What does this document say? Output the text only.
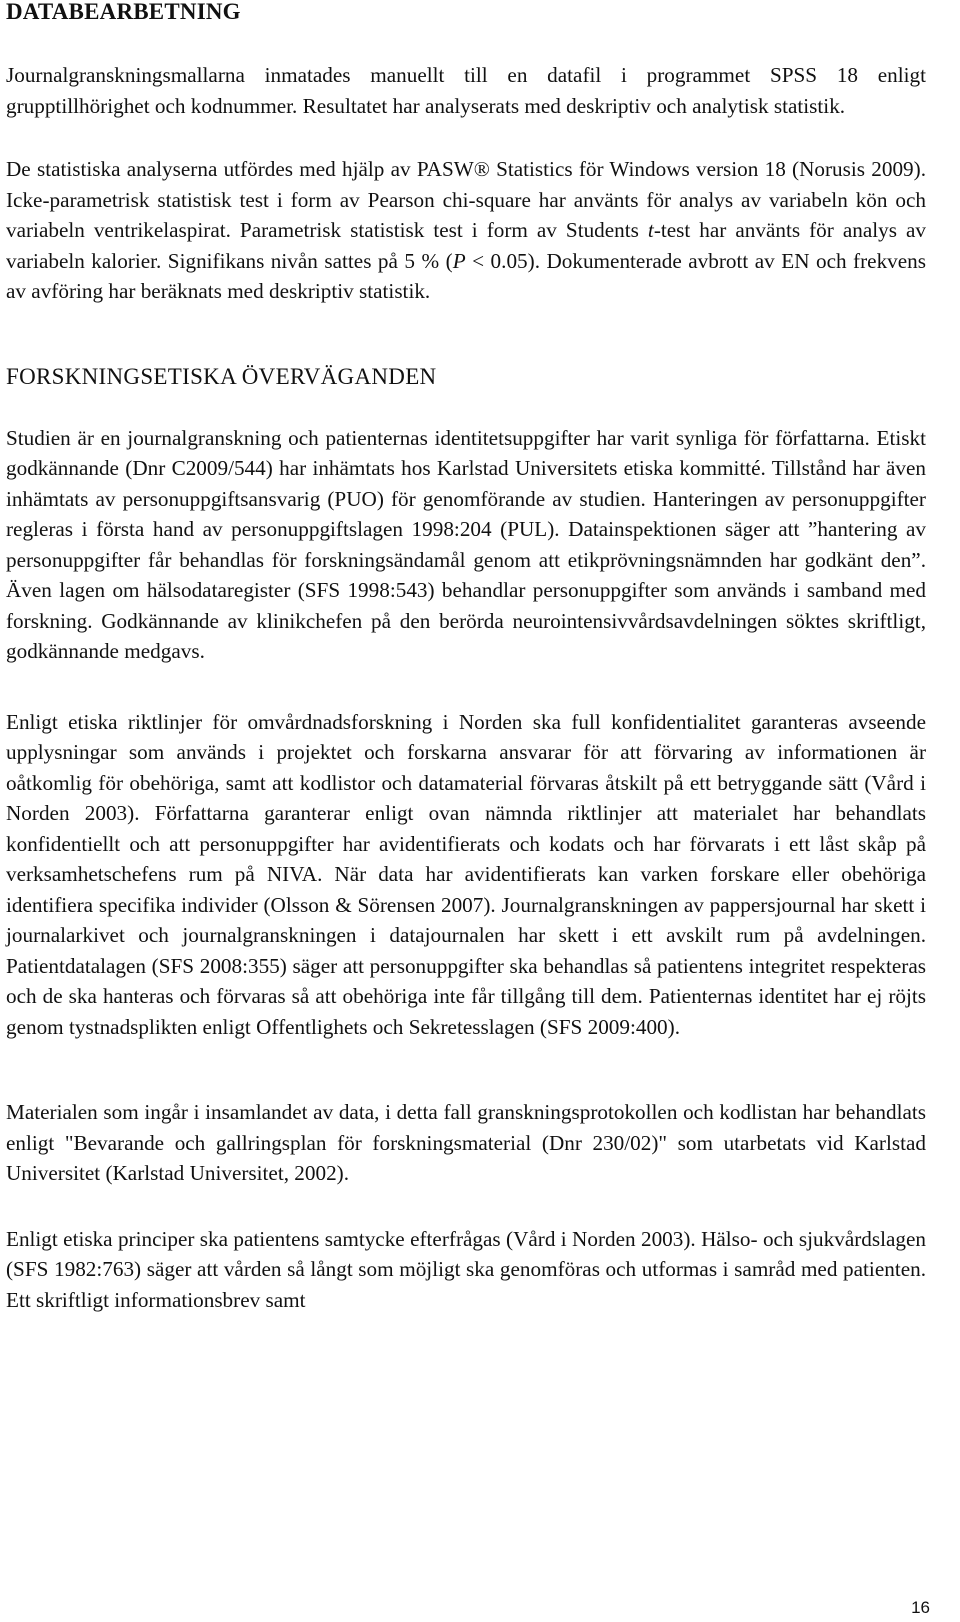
DATABEARBETNING

Journalgranskningsmallarna inmatades manuellt till en datafil i programmet SPSS 18 enligt grupptillhörighet och kodnummer. Resultatet har analyserats med deskriptiv och analytisk statistik.

De statistiska analyserna utfördes med hjälp av PASW® Statistics för Windows version 18 (Norusis 2009). Icke-parametrisk statistisk test i form av Pearson chi-square har använts för analys av variabeln kön och variabeln ventrikelaspirat. Parametrisk statistisk test i form av Students t-test har använts för analys av variabeln kalorier. Signifikans nivån sattes på 5 % (P < 0.05). Dokumenterade avbrott av EN och frekvens av avföring har beräknats med deskriptiv statistik.

FORSKNINGSETISKA ÖVERVÄGANDEN

Studien är en journalgranskning och patienternas identitetsuppgifter har varit synliga för författarna. Etiskt godkännande (Dnr C2009/544) har inhämtats hos Karlstad Universitets etiska kommitté. Tillstånd har även inhämtats av personuppgiftsansvarig (PUO) för genomförande av studien. Hanteringen av personuppgifter regleras i första hand av personuppgiftslagen 1998:204 (PUL). Datainspektionen säger att ”hantering av personuppgifter får behandlas för forskningsändamål genom att etikprövningsnämnden har godkänt den”. Även lagen om hälsodataregister (SFS 1998:543) behandlar personuppgifter som används i samband med forskning. Godkännande av klinikchefen på den berörda neurointensivvårdsavdelningen söktes skriftligt, godkännande medgavs.

Enligt etiska riktlinjer för omvårdnadsforskning i Norden ska full konfidentialitet garanteras avseende upplysningar som används i projektet och forskarna ansvarar för att förvaring av informationen är oåtkomlig för obehöriga, samt att kodlistor och datamaterial förvaras åtskilt på ett betryggande sätt (Vård i Norden 2003). Författarna garanterar enligt ovan nämnda riktlinjer att materialet har behandlats konfidentiellt och att personuppgifter har avidentifierats och kodats och har förvarats i ett låst skåp på verksamhetschefens rum på NIVA. När data har avidentifierats kan varken forskare eller obehöriga identifiera specifika individer (Olsson & Sörensen 2007). Journalgranskningen av pappersjournal har skett i journalarkivet och journalgranskningen i datajournalen har skett i ett avskilt rum på avdelningen. Patientdatalagen (SFS 2008:355) säger att personuppgifter ska behandlas så patientens integritet respekteras och de ska hanteras och förvaras så att obehöriga inte får tillgång till dem. Patienternas identitet har ej röjts genom tystnadsplikten enligt Offentlighets och Sekretesslagen (SFS 2009:400).

Materialen som ingår i insamlandet av data, i detta fall granskningsprotokollen och kodlistan har behandlats enligt "Bevarande och gallringsplan för forskningsmaterial (Dnr 230/02)" som utarbetats vid Karlstad Universitet (Karlstad Universitet, 2002).

Enligt etiska principer ska patientens samtycke efterfrågas (Vård i Norden 2003). Hälso- och sjukvårdslagen (SFS 1982:763) säger att vården så långt som möjligt ska genomföras och utformas i samråd med patienten. Ett skriftligt informationsbrev samt

16
